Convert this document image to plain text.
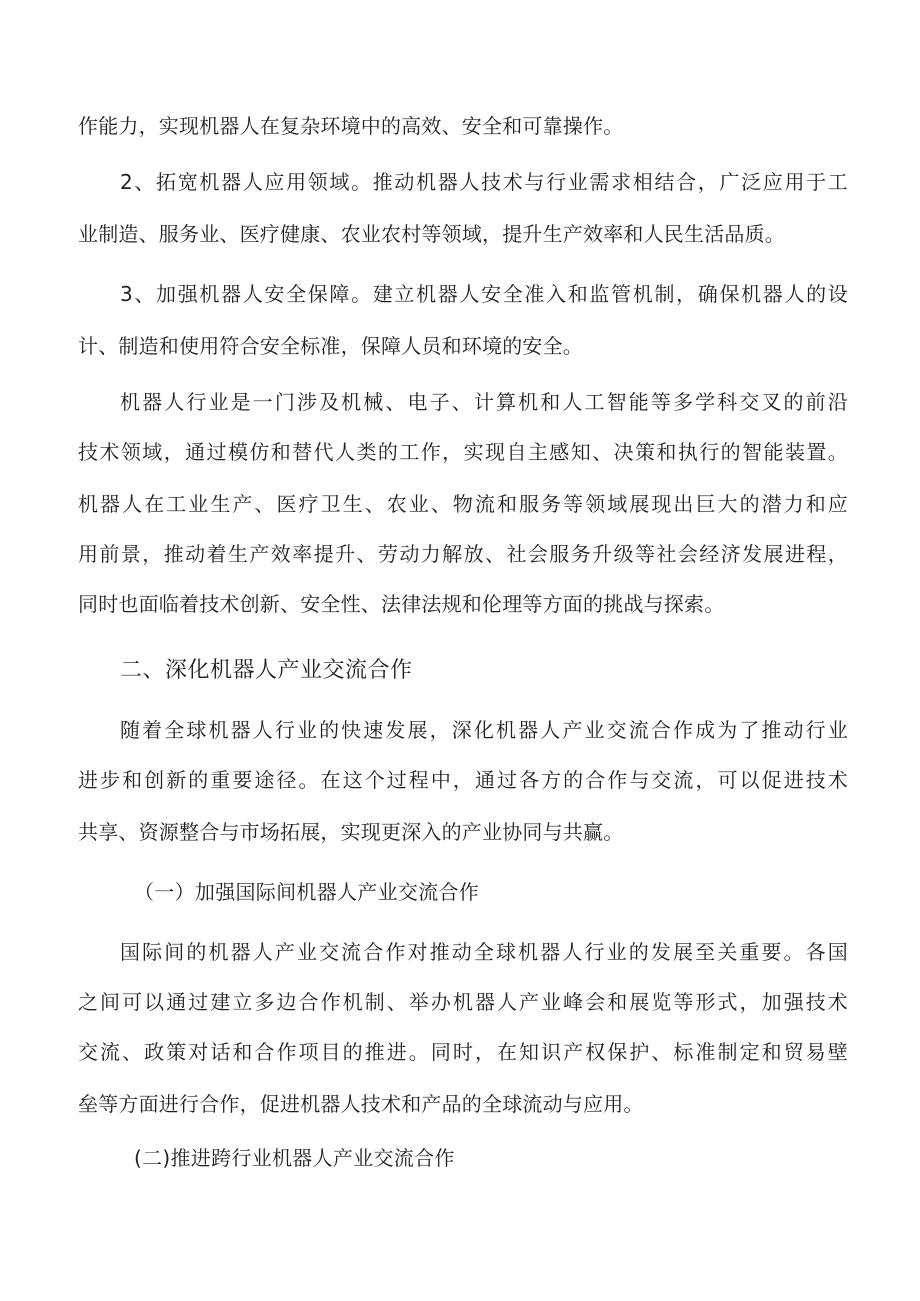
作能力，实现机器人在复杂环境中的高效、安全和可靠操作。
2、拓宽机器人应用领域。推动机器人技术与行业需求相结合，广泛应用于工
业制造、服务业、医疗健康、农业农村等领域，提升生产效率和人民生活品质。
3、加强机器人安全保障。建立机器人安全准入和监管机制，确保机器人的设
计、制造和使用符合安全标准，保障人员和环境的安全。
机器人行业是一门涉及机械、电子、计算机和人工智能等多学科交叉的前沿
技术领域，通过模仿和替代人类的工作，实现自主感知、决策和执行的智能装置。
机器人在工业生产、医疗卫生、农业、物流和服务等领域展现出巨大的潜力和应
用前景，推动着生产效率提升、劳动力解放、社会服务升级等社会经济发展进程，
同时也面临着技术创新、安全性、法律法规和伦理等方面的挑战与探索。
二、深化机器人产业交流合作
随着全球机器人行业的快速发展，深化机器人产业交流合作成为了推动行业
进步和创新的重要途径。在这个过程中，通过各方的合作与交流，可以促进技术
共享、资源整合与市场拓展，实现更深入的产业协同与共赢。
（一）加强国际间机器人产业交流合作
国际间的机器人产业交流合作对推动全球机器人行业的发展至关重要。各国
之间可以通过建立多边合作机制、举办机器人产业峰会和展览等形式，加强技术
交流、政策对话和合作项目的推进。同时，在知识产权保护、标准制定和贸易壁
垒等方面进行合作，促进机器人技术和产品的全球流动与应用。
(二)推进跨行业机器人产业交流合作
